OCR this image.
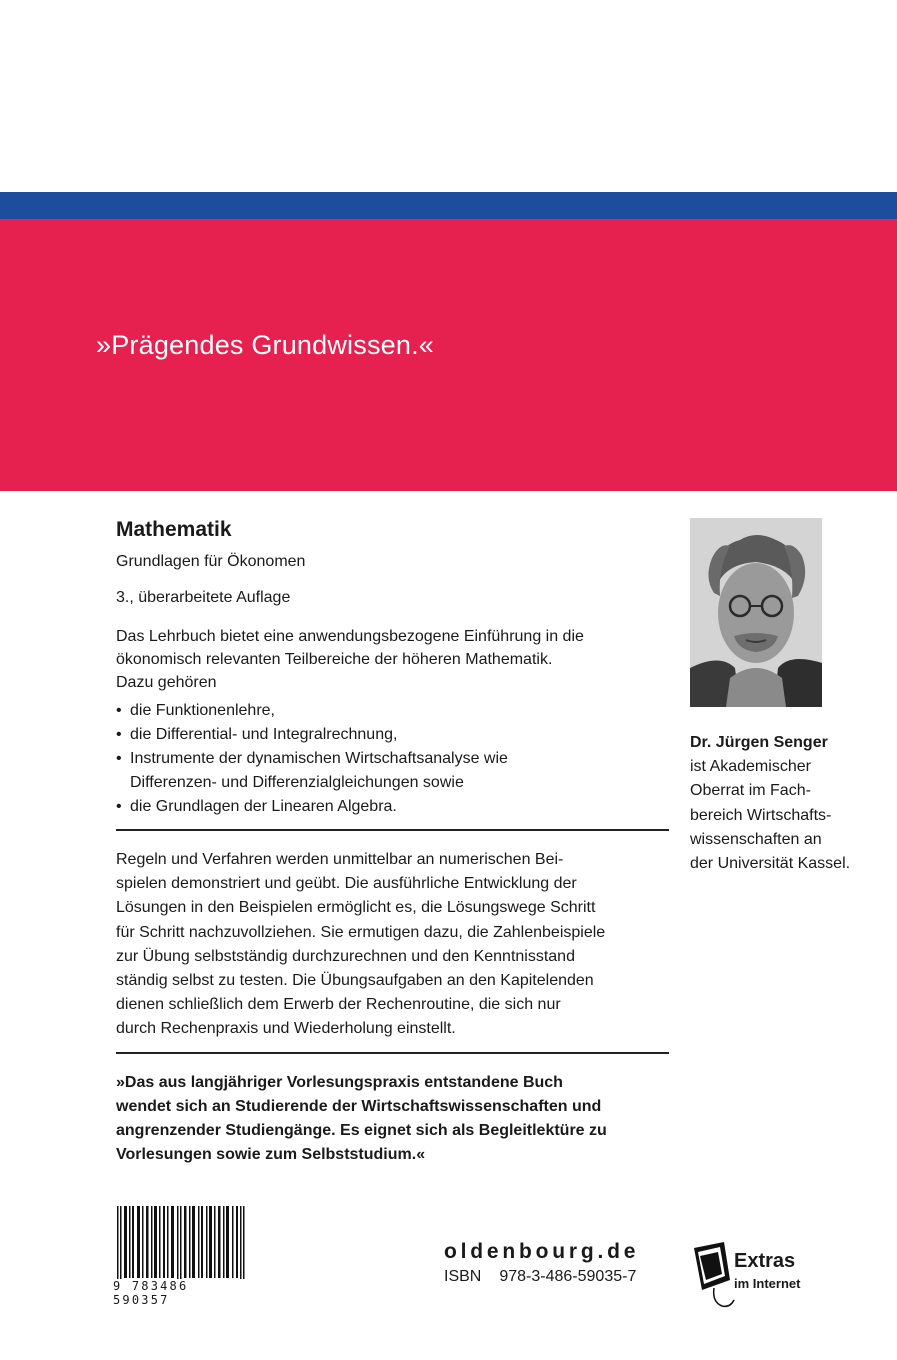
»Prägendes Grundwissen.«
Mathematik
Grundlagen für Ökonomen
3., überarbeitete Auflage
Das Lehrbuch bietet eine anwendungsbezogene Einführung in die
ökonomisch relevanten Teilbereiche der höheren Mathematik.
Dazu gehören
• die Funktionenlehre,
• die Differential- und Integralrechnung,
• Instrumente der dynamischen Wirtschaftsanalyse wie
Differenzen- und Differenzialgleichungen sowie
• die Grundlagen der Linearen Algebra.
Regeln und Verfahren werden unmittelbar an numerischen Bei-
spielen demonstriert und geübt. Die ausführliche Entwicklung der
Lösungen in den Beispielen ermöglicht es, die Lösungswege Schritt
für Schritt nachzuvollziehen. Sie ermutigen dazu, die Zahlenbeispiele
zur Übung selbstständig durchzurechnen und den Kenntnisstand
ständig selbst zu testen. Die Übungsaufgaben an den Kapitelenden
dienen schließlich dem Erwerb der Rechenroutine, die sich nur
durch Rechenpraxis und Wiederholung einstellt.
»Das aus langjähriger Vorlesungspraxis entstandene Buch
wendet sich an Studierende der Wirtschaftswissenschaften und
angrenzender Studiengänge. Es eignet sich als Begleitlektüre zu
Vorlesungen sowie zum Selbststudium.«
Dr. Jürgen Senger
ist Akademischer
Oberrat im Fach-
bereich Wirtschafts-
wissenschaften an
der Universität Kassel.
9 783486 590357
oldenbourg.de
ISBN 978-3-486-59035-7
Extras
im Internet
